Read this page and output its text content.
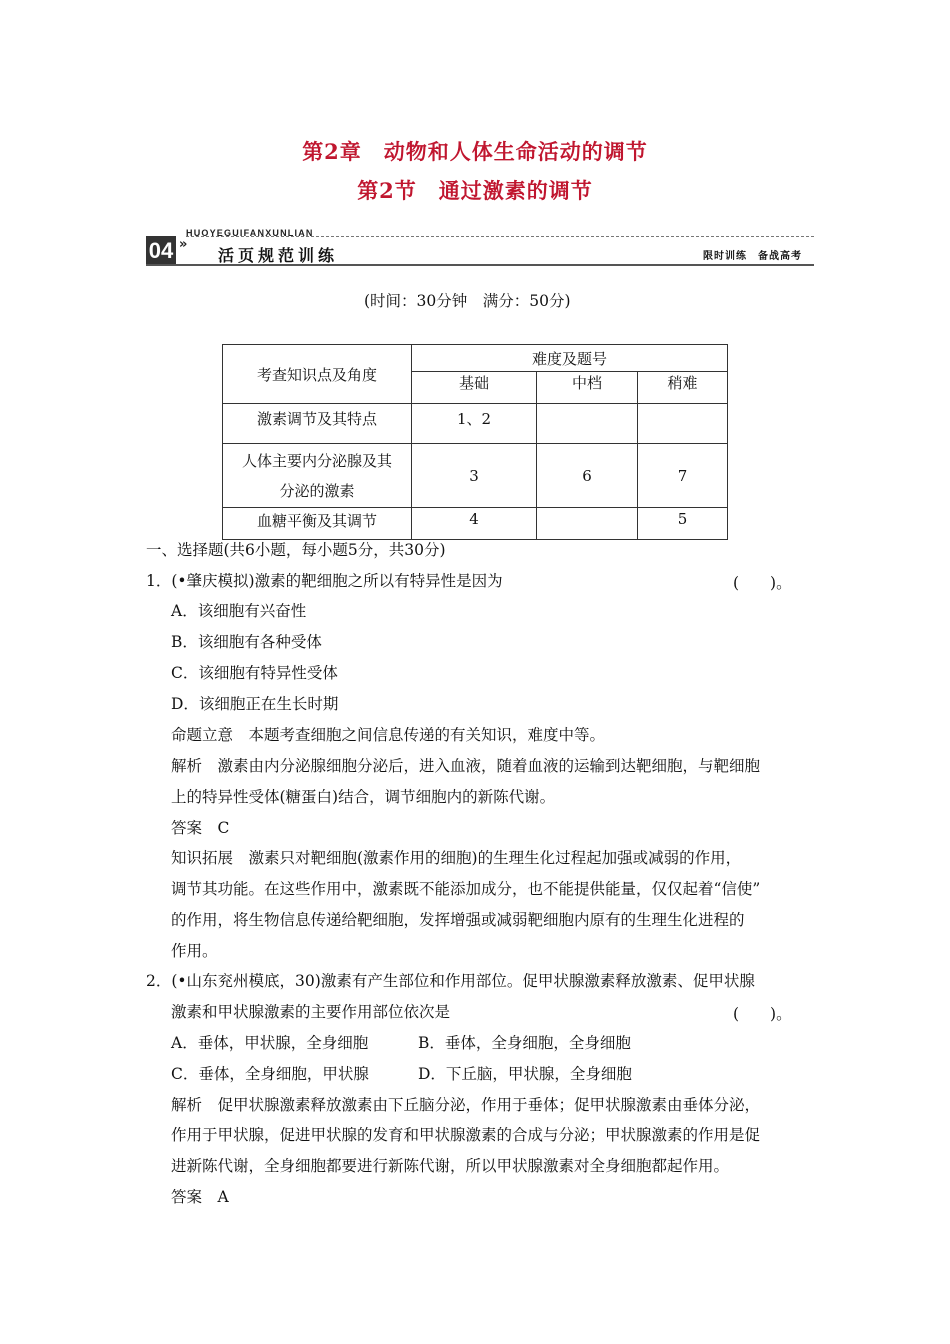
第2章　动物和人体生命活动的调节
第2节　通过激素的调节
HUOYEGUIFANXUNLIAN
04 »
活页规范训练	限时训练　备战高考
(时间：30分钟　满分：50分)
考查知识点及角度	难度及题号		
	基础	中档	稍难
激素调节及其特点	1、2		

人体主要内分泌腺及其
分泌的激素	3	6	7
血糖平衡及其调节	4		5
一、选择题(共6小题，每小题5分，共30分)
1．(•肇庆模拟)激素的靶细胞之所以有特异性是因为	(　　)。
A．该细胞有兴奋性
B．该细胞有各种受体
C．该细胞有特异性受体
D．该细胞正在生长时期
命题立意　本题考查细胞之间信息传递的有关知识，难度中等。
解析　激素由内分泌腺细胞分泌后，进入血液，随着血液的运输到达靶细胞，与靶细胞
上的特异性受体(糖蛋白)结合，调节细胞内的新陈代谢。
答案　C
知识拓展　激素只对靶细胞(激素作用的细胞)的生理生化过程起加强或减弱的作用，
调节其功能。在这些作用中，激素既不能添加成分，也不能提供能量，仅仅起着“信使”
的作用，将生物信息传递给靶细胞，发挥增强或减弱靶细胞内原有的生理生化进程的
作用。
2．(•山东兖州模底，30)激素有产生部位和作用部位。促甲状腺激素释放激素、促甲状腺
激素和甲状腺激素的主要作用部位依次是	(　　)。
A．垂体，甲状腺，全身细胞	B．垂体，全身细胞，全身细胞
C．垂体，全身细胞，甲状腺	D．下丘脑，甲状腺，全身细胞
解析　促甲状腺激素释放激素由下丘脑分泌，作用于垂体；促甲状腺激素由垂体分泌，
作用于甲状腺，促进甲状腺的发育和甲状腺激素的合成与分泌；甲状腺激素的作用是促
进新陈代谢，全身细胞都要进行新陈代谢，所以甲状腺激素对全身细胞都起作用。
答案　A
